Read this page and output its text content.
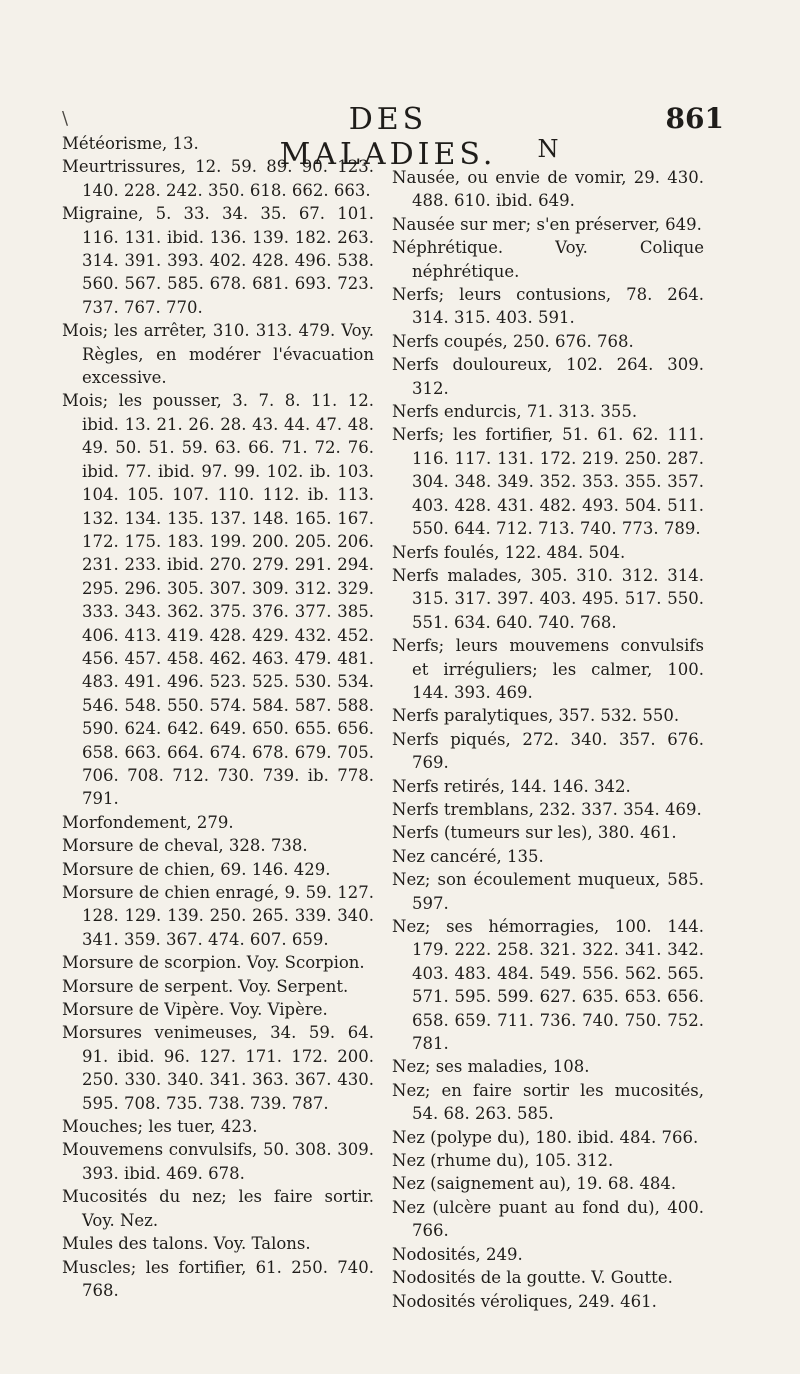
\	DES MALADIES.
861

Météorisme, 13.

Meurtrissures, 12. 59. 89. 90. 123. 140. 228. 242. 350. 618. 662. 663.

Migraine, 5. 33. 34. 35. 67. 101. 116. 131. ibid. 136. 139. 182. 263. 314. 391. 393. 402. 428. 496. 538. 560. 567. 585. 678. 681. 693. 723. 737. 767. 770.

Mois; les arrêter, 310. 313. 479. Voy. Règles, en modérer l'évacuation excessive.

Mois; les pousser, 3. 7. 8. 11. 12. ibid. 13. 21. 26. 28. 43. 44. 47. 48. 49. 50. 51. 59. 63. 66. 71. 72. 76. ibid. 77. ibid. 97. 99. 102. ib. 103. 104. 105. 107. 110. 112. ib. 113. 132. 134. 135. 137. 148. 165. 167. 172. 175. 183. 199. 200. 205. 206. 231. 233. ibid. 270. 279. 291. 294. 295. 296. 305. 307. 309. 312. 329. 333. 343. 362. 375. 376. 377. 385. 406. 413. 419. 428. 429. 432. 452. 456. 457. 458. 462. 463. 479. 481. 483. 491. 496. 523. 525. 530. 534. 546. 548. 550. 574. 584. 587. 588. 590. 624. 642. 649. 650. 655. 656. 658. 663. 664. 674. 678. 679. 705. 706. 708. 712. 730. 739. ib. 778. 791.

Morfondement, 279.

Morsure de cheval, 328. 738.

Morsure de chien, 69. 146. 429.

Morsure de chien enragé, 9. 59. 127. 128. 129. 139. 250. 265. 339. 340. 341. 359. 367. 474. 607. 659.

Morsure de scorpion. Voy. Scorpion.

Morsure de serpent. Voy. Serpent.

Morsure de Vipère. Voy. Vipère.

Morsures venimeuses, 34. 59. 64. 91. ibid. 96. 127. 171. 172. 200. 250. 330. 340. 341. 363. 367. 430. 595. 708. 735. 738. 739. 787.

Mouches; les tuer, 423.

Mouvemens convulsifs, 50. 308. 309. 393. ibid. 469. 678.

Mucosités du nez; les faire sortir. Voy. Nez.

Mules des talons. Voy. Talons.

Muscles; les fortifier, 61. 250. 740. 768.

N

Nausée, ou envie de vomir, 29. 430. 488. 610. ibid. 649.

Nausée sur mer; s'en préserver, 649.

Néphrétique. Voy. Colique néphrétique.

Nerfs; leurs contusions, 78. 264. 314. 315. 403. 591.

Nerfs coupés, 250. 676. 768.

Nerfs douloureux, 102. 264. 309. 312.

Nerfs endurcis, 71. 313. 355.

Nerfs; les fortifier, 51. 61. 62. 111. 116. 117. 131. 172. 219. 250. 287. 304. 348. 349. 352. 353. 355. 357. 403. 428. 431. 482. 493. 504. 511. 550. 644. 712. 713. 740. 773. 789.

Nerfs foulés, 122. 484. 504.

Nerfs malades, 305. 310. 312. 314. 315. 317. 397. 403. 495. 517. 550. 551. 634. 640. 740. 768.

Nerfs; leurs mouvemens convulsifs et irréguliers; les calmer, 100. 144. 393. 469.

Nerfs paralytiques, 357. 532. 550.

Nerfs piqués, 272. 340. 357. 676. 769.

Nerfs retirés, 144. 146. 342.

Nerfs tremblans, 232. 337. 354. 469.

Nerfs (tumeurs sur les), 380. 461.

Nez cancéré, 135.

Nez; son écoulement muqueux, 585. 597.

Nez; ses hémorragies, 100. 144. 179. 222. 258. 321. 322. 341. 342. 403. 483. 484. 549. 556. 562. 565. 571. 595. 599. 627. 635. 653. 656. 658. 659. 711. 736. 740. 750. 752. 781.

Nez; ses maladies, 108.

Nez; en faire sortir les mucosités, 54. 68. 263. 585.

Nez (polype du), 180. ibid. 484. 766.

Nez (rhume du), 105. 312.

Nez (saignement au), 19. 68. 484.

Nez (ulcère puant au fond du), 400. 766.

Nodosités, 249.

Nodosités de la goutte. V. Goutte.

Nodosités véroliques, 249. 461.
